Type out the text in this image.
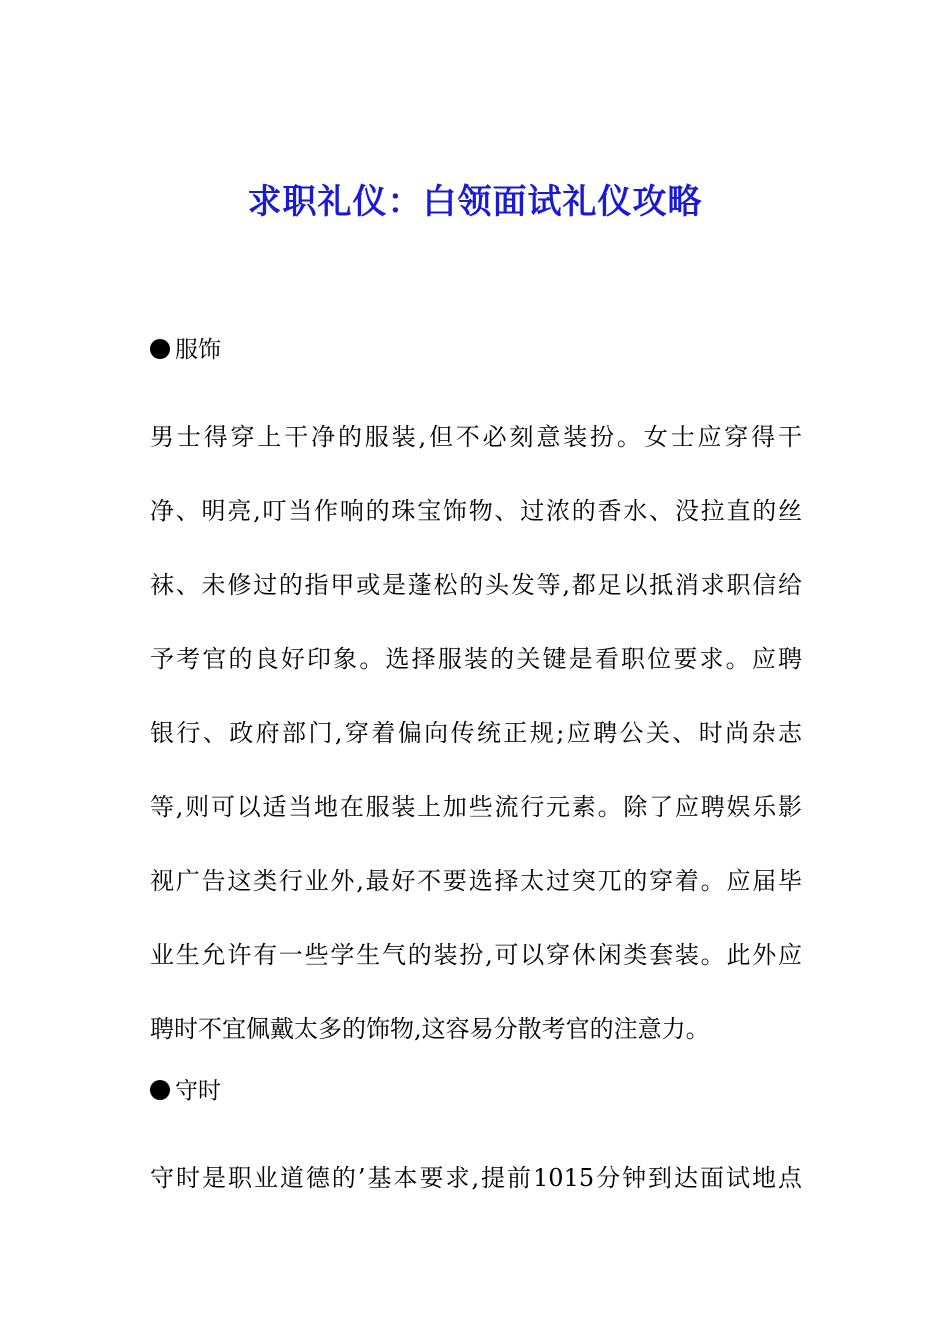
求职礼仪：白领面试礼仪攻略
服饰
男士得穿上干净的服装,但不必刻意装扮。女士应穿得干
净、明亮,叮当作响的珠宝饰物、过浓的香水、没拉直的丝
袜、未修过的指甲或是蓬松的头发等,都足以抵消求职信给
予考官的良好印象。选择服装的关键是看职位要求。应聘
银行、政府部门,穿着偏向传统正规;应聘公关、时尚杂志
等,则可以适当地在服装上加些流行元素。除了应聘娱乐影
视广告这类行业外,最好不要选择太过突兀的穿着。应届毕
业生允许有一些学生气的装扮,可以穿休闲类套装。此外应
聘时不宜佩戴太多的饰物,这容易分散考官的注意力。
守时
守时是职业道德的’基本要求,提前1015分钟到达面试地点
